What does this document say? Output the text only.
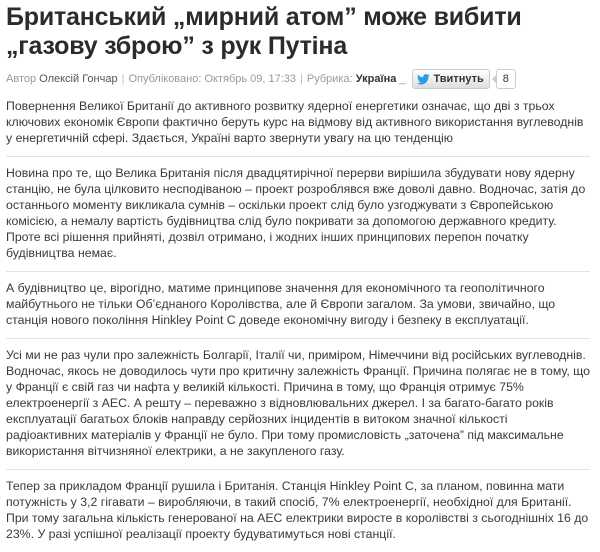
Британський „мирний атом” може вибити „газову зброю” з рук Путіна
Автор
Олексій Гончар | Опубліковано:
Октябрь 09, 17:33 | Рубрика:
Україна _	Твитнуть	8

Повернення Великої Британії до активного розвитку ядерної енергетики означає, що дві з трьох ключових економік Європи фактично беруть курс на відмову від активного використання вуглеводнів у енергетичній сфері. Здається, Україні варто звернути увагу на цю тенденцію

Новина про те, що Велика Британія після двадцятирічної перерви вирішила збудувати нову ядерну станцію, не була цілковито несподіваною – проект розроблявся вже доволі давно. Водночас, затія до останнього моменту викликала сумнів – оскільки проект слід було узгоджувати з Європейською комісією, а немалу вартість будівництва слід було покривати за допомогою державного кредиту. Проте всі рішення прийняті, дозвіл отримано, і жодних інших принципових перепон початку будівництва немає.

А будівництво це, вірогідно, матиме принципове значення для економічного та геополітичного майбутнього не тільки Об’єднаного Королівства, але й Європи загалом. За умови, звичайно, що станція нового покоління Hinkley Point C доведе економічну вигоду і безпеку в експлуатації.

Усі ми не раз чули про залежність Болгарії, Італії чи, приміром, Німеччини від російських вуглеводнів. Водночас, якось не доводилось чути про критичну залежність Франції. Причина полягає не в тому, що у Франції є свій газ чи нафта у великій кількості. Причина в тому, що Франція отримує 75% електроенергії з АЕС. А решту – переважно з відновлювальних джерел. І за багато-багато років експлуатації багатьох блоків направду серйозних інцидентів в витоком значної кількості радіоактивних матеріалів у Франції не було. При тому промисловість „заточена” під максимальне використання вітчизняної електрики, а не закупленого газу.

Тепер за прикладом Франції рушила і Британія. Станція Hinkley Point C, за планом, повинна мати потужність у 3,2 гігавати – виробляючи, в такий спосіб, 7% електроенергії, необхідної для Британії. При тому загальна кількість генерованої на АЕС електрики виросте в королівстві з сьогоднішніх 16 до 23%. У разі успішної реалізації проекту будуватимуться нові станції.
